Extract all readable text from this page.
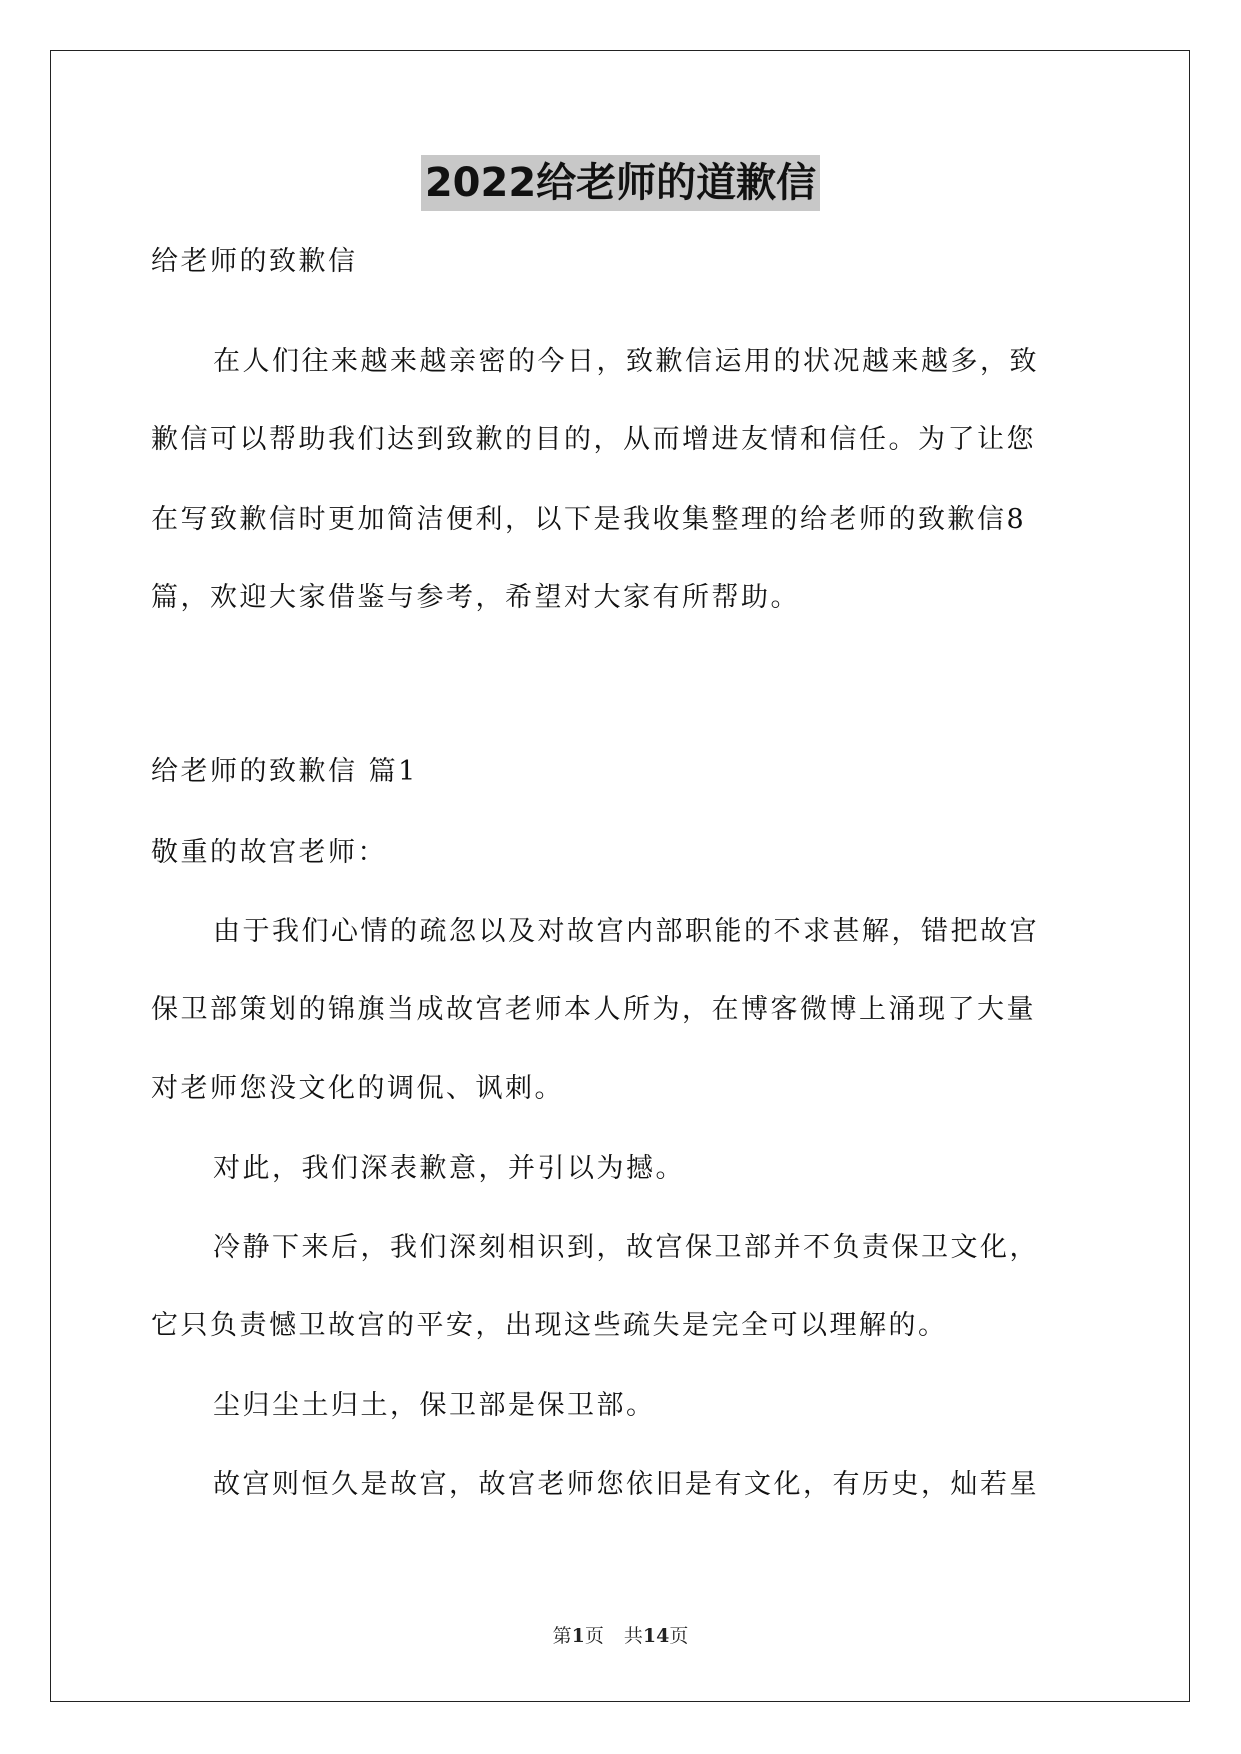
2022给老师的道歉信

给老师的致歉信

在人们往来越来越亲密的今日，致歉信运用的状况越来越多，致

歉信可以帮助我们达到致歉的目的，从而增进友情和信任。为了让您

在写致歉信时更加简洁便利，以下是我收集整理的给老师的致歉信8

篇，欢迎大家借鉴与参考，希望对大家有所帮助。

给老师的致歉信 篇1

敬重的故宫老师：

由于我们心情的疏忽以及对故宫内部职能的不求甚解，错把故宫

保卫部策划的锦旗当成故宫老师本人所为，在博客微博上涌现了大量

对老师您没文化的调侃、讽刺。

对此，我们深表歉意，并引以为撼。

冷静下来后，我们深刻相识到，故宫保卫部并不负责保卫文化，

它只负责憾卫故宫的平安，出现这些疏失是完全可以理解的。

尘归尘土归土，保卫部是保卫部。

故宫则恒久是故宫，故宫老师您依旧是有文化，有历史，灿若星

第1页 共14页
